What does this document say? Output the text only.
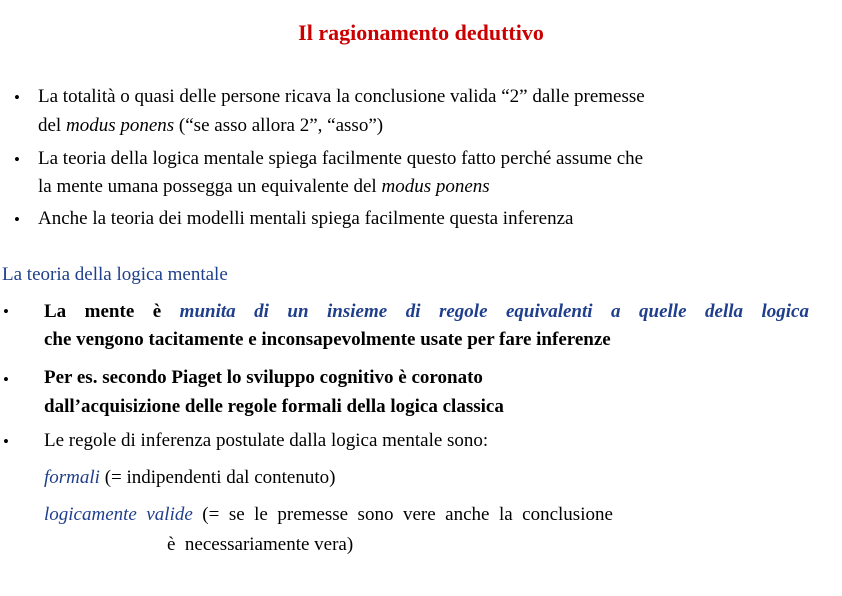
Il ragionamento deduttivo
• La totalità o quasi delle persone ricava la conclusione valida “2” dalle premesse
del modus ponens (“se asso allora 2”, “asso”)
• La teoria della logica mentale spiega facilmente questo fatto perché assume che
la mente umana possegga un equivalente del modus ponens
• Anche la teoria dei modelli mentali spiega facilmente questa inferenza
La teoria della logica mentale
• La mente è munita di un insieme di regole equivalenti a quelle della logica
che vengono tacitamente e inconsapevolmente usate per fare inferenze
• Per es. secondo Piaget lo sviluppo cognitivo è coronato
dall’acquisizione delle regole formali della logica classica
• Le regole di inferenza postulate dalla logica mentale sono:
formali (= indipendenti dal contenuto)
logicamente  valide  (=  se  le  premesse  sono  vere  anche  la  conclusione
è  necessariamente vera)
